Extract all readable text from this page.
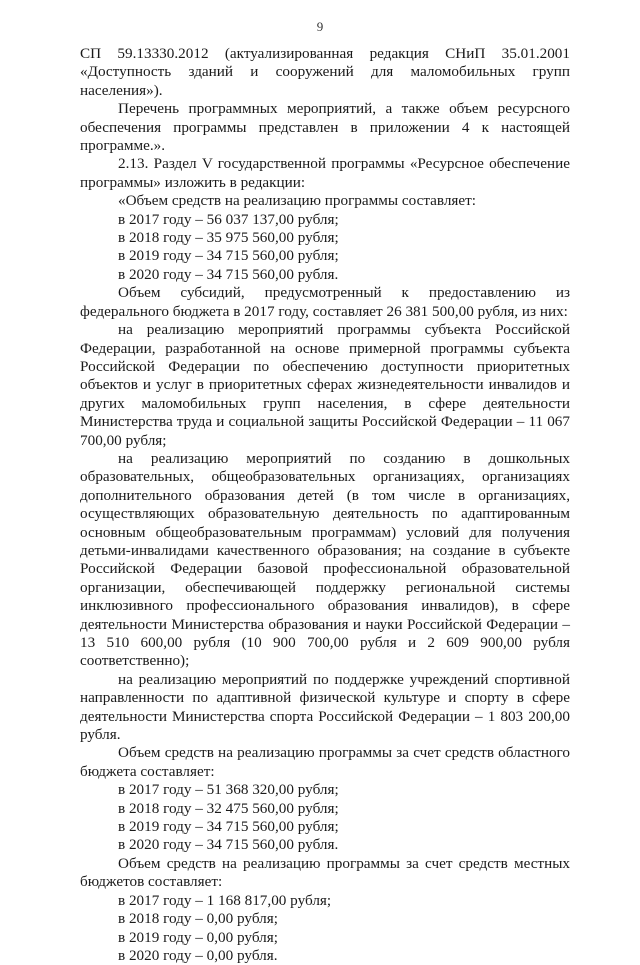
9

СП 59.13330.2012 (актуализированная редакция СНиП 35.01.2001

«Доступность зданий и сооружений для маломобильных групп населения»).

Перечень программных мероприятий, а также объем ресурсного обеспечения программы представлен в приложении 4 к настоящей программе.».

2.13. Раздел V государственной программы «Ресурсное обеспечение программы» изложить в редакции:

«Объем средств на реализацию программы составляет:

в 2017 году – 56 037 137,00 рубля;

в 2018 году – 35 975 560,00 рубля;

в 2019 году – 34 715 560,00 рубля;

в 2020 году – 34 715 560,00 рубля.

Объем субсидий, предусмотренный к предоставлению из федерального бюджета в 2017 году, составляет 26 381 500,00 рубля, из них:

на реализацию мероприятий программы субъекта Российской Федерации, разработанной на основе примерной программы субъекта Российской Федерации по обеспечению доступности приоритетных объектов и услуг в приоритетных сферах жизнедеятельности инвалидов и других маломобильных групп населения, в сфере деятельности Министерства труда и социальной защиты Российской Федерации – 11 067 700,00 рубля;

на реализацию мероприятий по созданию в дошкольных образовательных, общеобразовательных организациях, организациях дополнительного образования детей (в том числе в организациях, осуществляющих образовательную деятельность по адаптированным основным общеобразовательным программам) условий для получения детьми-инвалидами качественного образования; на создание в субъекте Российской Федерации базовой профессиональной образовательной организации, обеспечивающей поддержку региональной системы инклюзивного профессионального образования инвалидов), в сфере деятельности Министерства образования и науки Российской Федерации – 13 510 600,00 рубля (10 900 700,00 рубля и 2 609 900,00 рубля соответственно);

на реализацию мероприятий по поддержке учреждений спортивной направленности по адаптивной физической культуре и спорту в сфере деятельности Министерства спорта Российской Федерации – 1 803 200,00 рубля.

Объем средств на реализацию программы за счет средств областного бюджета составляет:

в 2017 году – 51 368 320,00 рубля;

в 2018 году – 32 475 560,00 рубля;

в 2019 году – 34 715 560,00 рубля;

в 2020 году – 34 715 560,00 рубля.

Объем средств на реализацию программы за счет средств местных бюджетов составляет:

в 2017 году – 1 168 817,00 рубля;

в 2018 году – 0,00 рубля;

в 2019 году – 0,00 рубля;

в 2020 году – 0,00 рубля.
